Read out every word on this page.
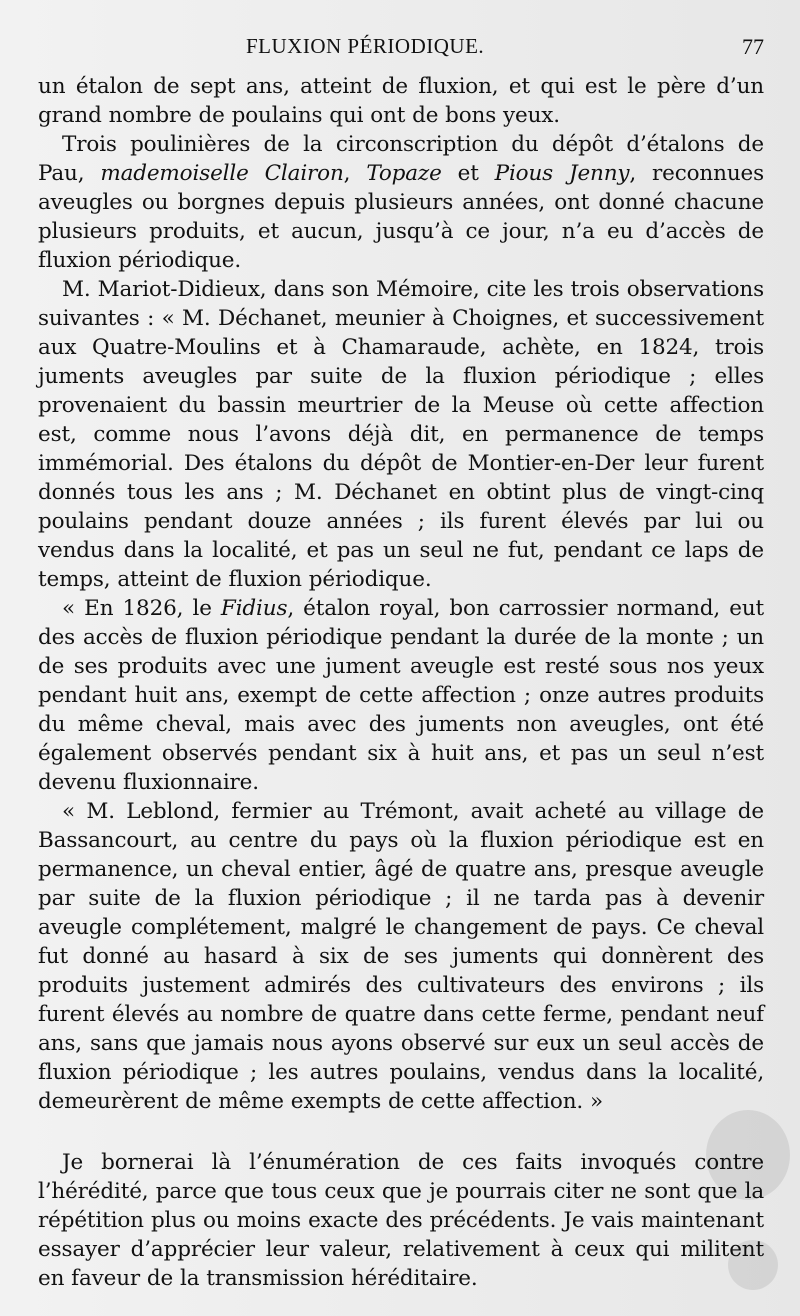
FLUXION PÉRIODIQUE.	77

un étalon de sept ans, atteint de fluxion, et qui est le père d’un grand nombre de poulains qui ont de bons yeux.

Trois poulinières de la circonscription du dépôt d’étalons de Pau, mademoiselle Clairon, Topaze et Pious Jenny, reconnues aveugles ou borgnes depuis plusieurs années, ont donné chacune plusieurs produits, et aucun, jusqu’à ce jour, n’a eu d’accès de fluxion périodique.

M. Mariot-Didieux, dans son Mémoire, cite les trois observations suivantes : « M. Déchanet, meunier à Choignes, et successivement aux Quatre-Moulins et à Chamaraude, achète, en 1824, trois juments aveugles par suite de la fluxion périodique ; elles provenaient du bassin meurtrier de la Meuse où cette affection est, comme nous l’avons déjà dit, en permanence de temps immémorial. Des étalons du dépôt de Montier-en-Der leur furent donnés tous les ans ; M. Déchanet en obtint plus de vingt-cinq poulains pendant douze années ; ils furent élevés par lui ou vendus dans la localité, et pas un seul ne fut, pendant ce laps de temps, atteint de fluxion périodique.

« En 1826, le Fidius, étalon royal, bon carrossier normand, eut des accès de fluxion périodique pendant la durée de la monte ; un de ses produits avec une jument aveugle est resté sous nos yeux pendant huit ans, exempt de cette affection ; onze autres produits du même cheval, mais avec des juments non aveugles, ont été également observés pendant six à huit ans, et pas un seul n’est devenu fluxionnaire.

« M. Leblond, fermier au Trémont, avait acheté au village de Bassancourt, au centre du pays où la fluxion périodique est en permanence, un cheval entier, âgé de quatre ans, presque aveugle par suite de la fluxion périodique ; il ne tarda pas à devenir aveugle complétement, malgré le changement de pays. Ce cheval fut donné au hasard à six de ses juments qui donnèrent des produits justement admirés des cultivateurs des environs ; ils furent élevés au nombre de quatre dans cette ferme, pendant neuf ans, sans que jamais nous ayons observé sur eux un seul accès de fluxion périodique ; les autres poulains, vendus dans la localité, demeurèrent de même exempts de cette affection. »

Je bornerai là l’énumération de ces faits invoqués contre l’hérédité, parce que tous ceux que je pourrais citer ne sont que la répétition plus ou moins exacte des précédents. Je vais maintenant essayer d’apprécier leur valeur, relativement à ceux qui militent en faveur de la transmission héréditaire.
